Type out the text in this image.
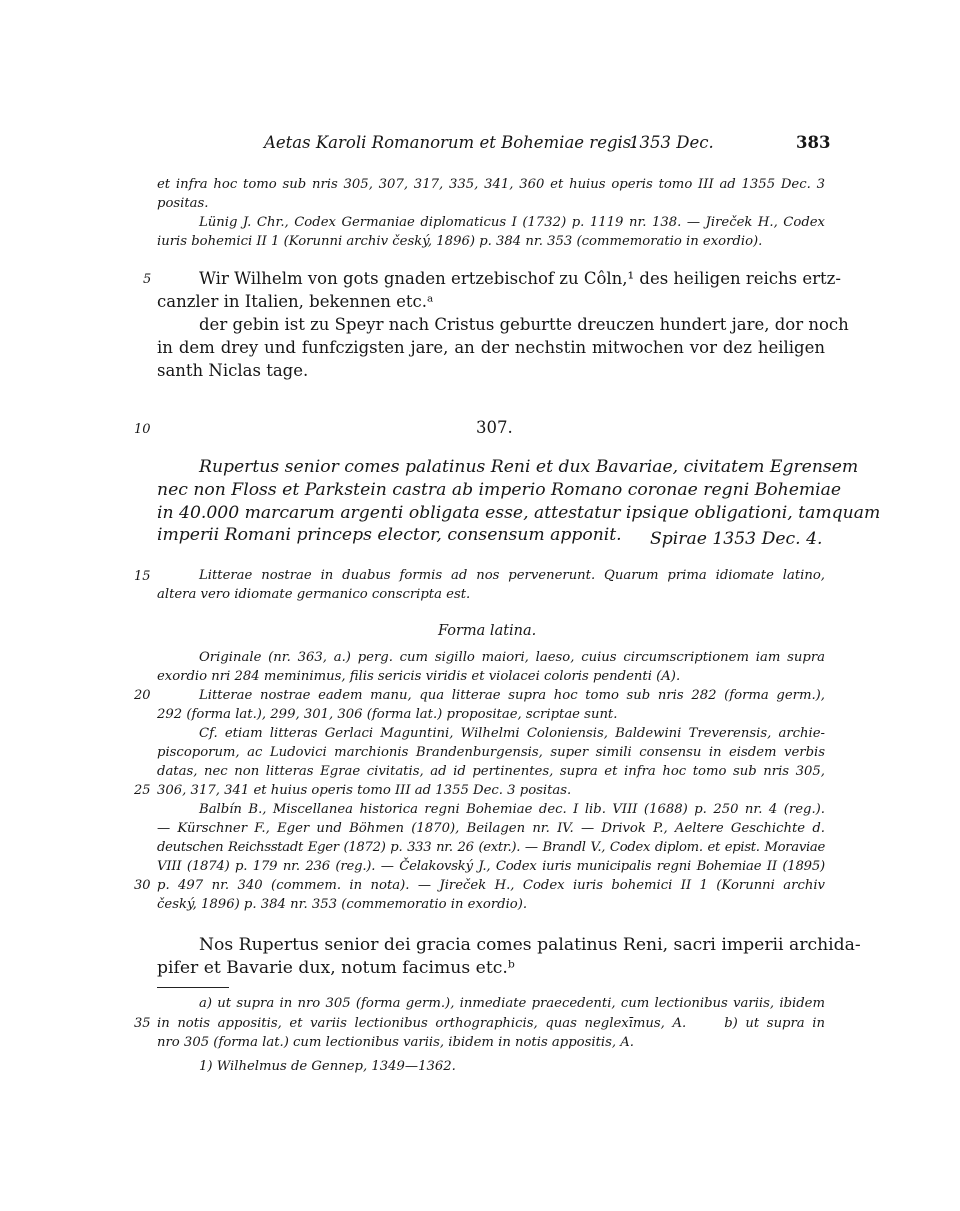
Aetas Karoli Romanorum et Bohemiae regis.
1353 Dec.	383
et infra hoc tomo sub nris 305, 307, 317, 335, 341, 360 et huius operis tomo III ad 1355 Dec. 3
positas.
Lünig J. Chr., Codex Germaniae diplomaticus I (1732) p. 1119 nr. 138. — Jireček H., Codex
iuris bohemici II 1 (Korunni archiv český, 1896) p. 384 nr. 353 (commemoratio in exordio).
Wir Wilhelm von gots gnaden ertzebischof zu Côln,¹ des heiligen reichs ertz-
canzler in Italien, bekennen etc.ᵃ
der gebin ist zu Speyr nach Cristus geburtte dreuczen hundert jare, dor noch
in dem drey und funfczigsten jare, an der nechstin mitwochen vor dez heiligen
santh Niclas tage.
307.
Rupertus senior comes palatinus Reni et dux Bavariae, civitatem Egrensem
nec non Floss et Parkstein castra ab imperio Romano coronae regni Bohemiae
in 40.000 marcarum argenti obligata esse, attestatur ipsique obligationi, tamquam
imperii Romani princeps elector, consensum apponit. Spirae 1353 Dec. 4.
Litterae nostrae in duabus formis ad nos pervenerunt. Quarum prima idiomate latino,
altera vero idiomate germanico conscripta est.
Forma latina.
Originale (nr. 363, a.) perg. cum sigillo maiori, laeso, cuius circumscriptionem iam supra
exordio nri 284 meminimus, filis sericis viridis et violacei coloris pendenti (A).
Litterae nostrae eadem manu, qua litterae supra hoc tomo sub nris 282 (forma germ.),
292 (forma lat.), 299, 301, 306 (forma lat.) propositae, scriptae sunt.
Cf. etiam litteras Gerlaci Maguntini, Wilhelmi Coloniensis, Baldewini Treverensis, archie-
piscoporum, ac Ludovici marchionis Brandenburgensis, super simili consensu in eisdem verbis
datas, nec non litteras Egrae civitatis, ad id pertinentes, supra et infra hoc tomo sub nris 305,
306, 317, 341 et huius operis tomo III ad 1355 Dec. 3 positas.
Balbín B., Miscellanea historica regni Bohemiae dec. I lib. VIII (1688) p. 250 nr. 4 (reg.).
— Kürschner F., Eger und Böhmen (1870), Beilagen nr. IV. — Drivok P., Aeltere Geschichte d.
deutschen Reichsstadt Eger (1872) p. 333 nr. 26 (extr.). — Brandl V., Codex diplom. et epist. Moraviae
VIII (1874) p. 179 nr. 236 (reg.). — Čelakovský J., Codex iuris municipalis regni Bohemiae II (1895)
p. 497 nr. 340 (commem. in nota). — Jireček H., Codex iuris bohemici II 1 (Korunni archiv
český, 1896) p. 384 nr. 353 (commemoratio in exordio).
Nos Rupertus senior dei gracia comes palatinus Reni, sacri imperii archida-
pifer et Bavarie dux, notum facimus etc.ᵇ
a) ut supra in nro 305 (forma germ.), inmediate praecedenti, cum lectionibus variis, ibidem
in notis appositis, et variis lectionibus orthographicis, quas neglexīmus, A.     b) ut supra in
nro 305 (forma lat.) cum lectionibus variis, ibidem in notis appositis, A.
1) Wilhelmus de Gennep, 1349—1362.
5
10
15
20
25
30
35
